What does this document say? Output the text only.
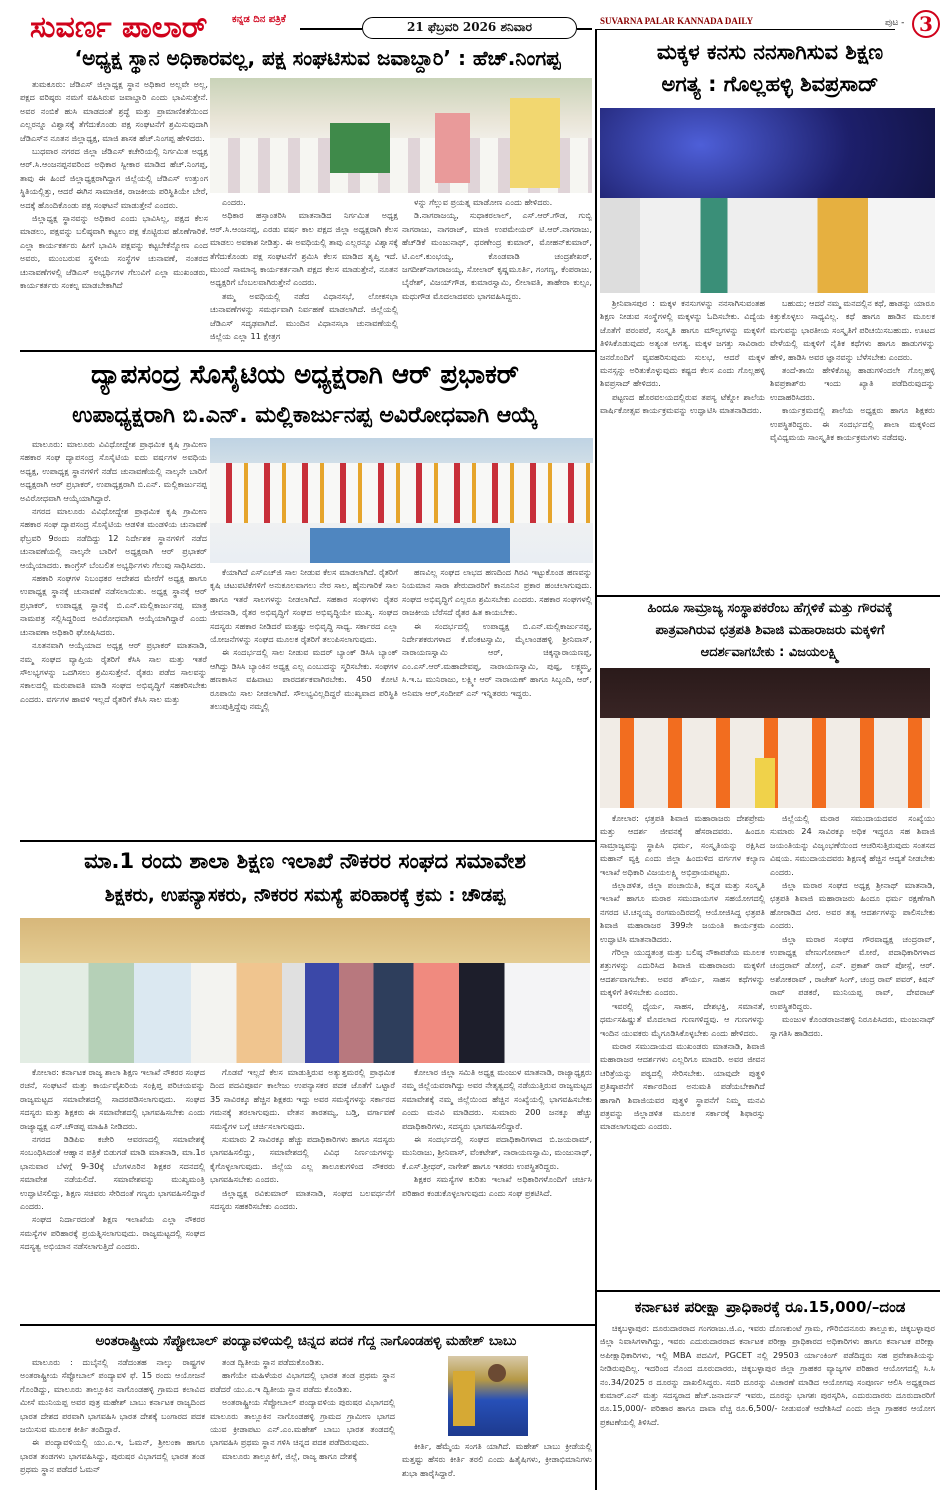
ಸುವರ್ಣ ಪಾಲಾರ್	ಕನ್ನಡ ದಿನ ಪತ್ರಿಕೆ
21 ಫೆಬ್ರವರಿ 2026 ಶನಿವಾರ	SUVARNA PALAR KANNADA DAILY	ಪುಟ - 3
‘ಅಧ್ಯಕ್ಷ ಸ್ಥಾನ ಅಧಿಕಾರವಲ್ಲ, ಪಕ್ಷ ಸಂಘಟಿಸುವ ಜವಾಬ್ದಾರಿ’ : ಹೆಚ್.ನಿಂಗಪ್ಪ

ತುಮಕೂರು: ಜೆಡಿಎಸ್ ಜಿಲ್ಲಾಧ್ಯಕ್ಷ ಸ್ಥಾನ ಅಧಿಕಾರ ಅಲ್ಲವೇ ಅಲ್ಲ, ಪಕ್ಷದ ವರಿಷ್ಠರು ನಮಗೆ ವಹಿಸಿರುವ ಜವಾಬ್ದಾರಿ ಎಂದು ಭಾವಿಸುತ್ತೇನೆ. ಅವರ ನಂಬಿಕೆ ಹುಸಿ ಮಾಡದಂತೆ ಶ್ರದ್ಧೆ ಮತ್ತು ಪ್ರಾಮಾಣಿಕತೆಯಿಂದ ಎಲ್ಲರನ್ನೂ ವಿಶ್ವಾಸಕ್ಕೆ ತೆಗೆದುಕೊಂಡು ಪಕ್ಷ ಸಂಘಟನೆಗೆ ಶ್ರಮಿಸುವುದಾಗಿ ಜೆಡಿಎಸ್‌ನ ನೂತನ ಜಿಲ್ಲಾಧ್ಯಕ್ಷ, ಮಾಜಿ ಶಾಸಕ ಹೆಚ್.ನಿಂಗಪ್ಪ ಹೇಳಿದರು.

ಬುಧವಾರ ನಗರದ ಜಿಲ್ಲಾ ಜೆಡಿಎಸ್ ಕಚೇರಿಯಲ್ಲಿ ನಿರ್ಗಮಿತ ಅಧ್ಯಕ್ಷ ಆರ್.ಸಿ.ಆಂಜನಪ್ಪನವರಿಂದ ಅಧಿಕಾರ ಸ್ವೀಕಾರ ಮಾಡಿದ ಹೆಚ್.ನಿಂಗಪ್ಪ, ತಾವು ಈ ಹಿಂದೆ ಜಿಲ್ಲಾಧ್ಯಕ್ಷರಾಗಿದ್ದಾಗ ಜಿಲ್ಲೆಯಲ್ಲಿ ಜೆಡಿಎಸ್ ಉತ್ತುಂಗ ಸ್ಥಿತಿಯಲ್ಲಿತ್ತು, ಆದರೆ ಈಗಿನ ಸಾಮಾಜಿಕ, ರಾಜಕೀಯ ಪರಿಸ್ಥಿತಿಯೇ ಬೇರೆ, ಅದಕ್ಕೆ ಹೊಂದಿಕೊಂಡು ಪಕ್ಷ ಸಂಘಟನೆ ಮಾಡುತ್ತೇನೆ ಎಂದರು.

ಜಿಲ್ಲಾಧ್ಯಕ್ಷ ಸ್ಥಾನವನ್ನು ಅಧಿಕಾರ ಎಂದು ಭಾವಿಸಿಲ್ಲ, ಪಕ್ಷದ ಕೆಲಸ ಮಾಡಲು, ಪಕ್ಷವನ್ನು ಬಲಿಷ್ಠವಾಗಿ ಕಟ್ಟಲು ಪಕ್ಷ ಕೊಟ್ಟಿರುವ ಹೊಣೆಗಾರಿಕೆ. ಎಲ್ಲಾ ಕಾರ್ಯಕರ್ತರು ಹೀಗೆ ಭಾವಿಸಿ ಪಕ್ಷವನ್ನು ಕಟ್ಟಬೇಕೆನ್ನೋಣ ಎಂದ ಅವರು, ಮುಂಬರುವ ಸ್ಥಳೀಯ ಸಂಸ್ಥೆಗಳ ಚುನಾವಣೆ, ನಂತರದ ಚುನಾವಣೆಗಳಲ್ಲಿ ಜೆಡಿಎಸ್ ಅಭ್ಯರ್ಥಿಗಳ ಗೆಲುವಿಗೆ ಎಲ್ಲಾ ಮುಖಂಡರು, ಕಾರ್ಯಕರ್ತರು ಸಂಕಲ್ಪ ಮಾಡಬೇಕಾಗಿದೆ

ಎಂದರು.

ಅಧಿಕಾರ ಹಸ್ತಾಂತರಿಸಿ ಮಾತನಾಡಿದ ನಿರ್ಗಮಿತ ಅಧ್ಯಕ್ಷ ಆರ್.ಸಿ.ಆಂಜನಪ್ಪ, ಎರಡು ವರ್ಷ ಕಾಲ ಪಕ್ಷದ ಜಿಲ್ಲಾ ಅಧ್ಯಕ್ಷರಾಗಿ ಕೆಲಸ ಮಾಡಲು ಅವಕಾಶ ನೀಡಿತ್ತು. ಈ ಅವಧಿಯಲ್ಲಿ ತಾವು ಎಲ್ಲರನ್ನೂ ವಿಶ್ವಾಸಕ್ಕೆ ತೆಗೆದುಕೊಂಡು ಪಕ್ಷ ಸಂಘಟನೆಗೆ ಶ್ರಮಿಸಿ ಕೆಲಸ ಮಾಡಿದ ತೃಪ್ತಿ ಇದೆ. ಮುಂದೆ ಸಾಮಾನ್ಯ ಕಾರ್ಯಕರ್ತನಾಗಿ ಪಕ್ಷದ ಕೆಲಸ ಮಾಡುತ್ತೇನೆ, ನೂತನ ಅಧ್ಯಕ್ಷರಿಗೆ ಬೆಂಬಲವಾಗಿರುತ್ತೇನೆ ಎಂದರು.

ತಮ್ಮ ಅವಧಿಯಲ್ಲಿ ನಡೆದ ವಿಧಾನಸಭೆ, ಲೋಕಸಭಾ ಚುನಾವಣೆಗಳನ್ನು ಸಮರ್ಥವಾಗಿ ನಿರ್ವಹಣೆ ಮಾಡಲಾಗಿದೆ. ಜಿಲ್ಲೆಯಲ್ಲಿ ಜೆಡಿಎಸ್ ಸದೃಢವಾಗಿದೆ. ಮುಂದಿನ ವಿಧಾನಸಭಾ ಚುನಾವಣೆಯಲ್ಲಿ ಜಿಲ್ಲೆಯ ಎಲ್ಲಾ 11 ಕ್ಷೇತ್ರಗ

ಳನ್ನು ಗೆಲ್ಲುವ ಪ್ರಯತ್ನ ಮಾಡೋಣ ಎಂದು ಹೇಳಿದರು.

ಡಿ.ನಾಗರಾಜಯ್ಯ, ಸುಧಾಕರಲಾಲ್, ಎಸ್.ಆರ್.ಗೌಡ, ಗುಬ್ಬಿ ನಾಗರಾಜು, ನಾಗರಾಜ್, ಮಾಜಿ ಉಪಮೇಯರ್ ಟಿ.ಆರ್.ನಾಗರಾಜು, ಹೆಚ್‌ಡಿಕೆ ಮಂಜುನಾಥ್, ಧರಣೇಂದ್ರ ಕುಮಾರ್, ಮೋಹನ್‌ಕುಮಾರ್, ಟಿ.ಎಲ್.ಕುಂಭಯ್ಯ, ಕೊಂಡವಾಡಿ ಚಂದ್ರಶೇಖರ್, ಜಗದೀಶ್‌ನಾಗರಾಜಯ್ಯ, ಸೋಲಾರ್ ಕೃಷ್ಣಮೂರ್ತಿ, ಗಂಗಣ್ಣ, ಕೆಂಪರಾಜು, ಬೈರೇಶ್, ವಿಜಯ್‌ಗೌಡ, ಕುಮಾರಸ್ವಾಮಿ, ಲೀಲಾವತಿ, ತಾಹೇರಾ ಕುಲ್ಸಂ, ಮಧುಗೌಡ ಮೊದಲಾದವರು ಭಾಗವಹಿಸಿದ್ದರು.

ಮಕ್ಕಳ ಕನಸು ನನಸಾಗಿಸುವ ಶಿಕ್ಷಣ
ಅಗತ್ಯ : ಗೊಲ್ಲಹಳ್ಳಿ ಶಿವಪ್ರಸಾದ್

ಶ್ರೀನಿವಾಸಪುರ : ಮಕ್ಕಳ ಕನಸುಗಳನ್ನು ನನಸಾಗಿಸುವಂತಹ ಶಿಕ್ಷಣ ನೀಡುವ ಸಂಸ್ಥೆಗಳಲ್ಲಿ ಮಕ್ಕಳನ್ನು ಓದಿಸಬೇಕು. ವಿದ್ಯೆಯ ಜೊತೆಗೆ ಪರಂಪರೆ, ಸಂಸ್ಕೃತಿ ಹಾಗೂ ಮೌಲ್ಯಗಳನ್ನು ಮಕ್ಕಳಿಗೆ ತಿಳಿಸಿಕೊಡುವುದು ಅತ್ಯಂತ ಅಗತ್ಯ. ಮಕ್ಕಳ ಜಗತ್ತು ಸಾವಿರಾರು ಜನರೊಂದಿಗೆ ವ್ಯವಹರಿಸುವುದು ಸುಲಭ, ಆದರೆ ಮಕ್ಕಳ ಮನಸ್ಸನ್ನು ಅರಿತುಕೊಳ್ಳುವುದು ಕಷ್ಟದ ಕೆಲಸ ಎಂದು ಗೊಲ್ಲಹಳ್ಳಿ ಶಿವಪ್ರಸಾದ್ ಹೇಳಿದರು.

ಪಟ್ಟಣದ ಹೊರವಲಯದಲ್ಲಿರುವ ತಪಸ್ಯ ಟೆಕ್ನೋ ಶಾಲೆಯ ವಾರ್ಷಿಕೋತ್ಸವ ಕಾರ್ಯಕ್ರಮವನ್ನು ಉದ್ಘಾಟಿಸಿ ಮಾತನಾಡಿದರು.

ಬಹುದು; ಆದರೆ ನಮ್ಮ ಮನದಲ್ಲಿನ ಕಥೆ, ಹಾಡನ್ನು ಯಾರೂ ಕಿತ್ತುಕೊಳ್ಳಲು ಸಾಧ್ಯವಿಲ್ಲ. ಕಥೆ ಹಾಗೂ ಹಾಡಿನ ಮೂಲಕ ಮಗುವನ್ನು ಭಾರತೀಯ ಸಂಸ್ಕೃತಿಗೆ ಪರಿಚಯಿಸಬಹುದು. ಊಟದ ವೇಳೆಯಲ್ಲಿ ಮಕ್ಕಳಿಗೆ ನೈತಿಕ ಕಥೆಗಳು ಹಾಗೂ ಹಾಡುಗಳನ್ನು ಹೇಳಿ, ಹಾಡಿಸಿ ಅವರ ಜ್ಞಾನವನ್ನು ಬೆಳೆಸಬೇಕು ಎಂದರು.

ತಂದೆ-ತಾಯಿ ಹೇಳಿಕೊಟ್ಟ ಹಾಡುಗಳಿಂದಲೇ ಗೊಲ್ಲಹಳ್ಳಿ ಶಿವಪ್ರಕಾಶ್‌ರು ಇಂದು ಖ್ಯಾತಿ ಪಡೆದಿರುವುದನ್ನು ಉದಾಹರಿಸಿದರು.

ಕಾರ್ಯಕ್ರಮದಲ್ಲಿ ಶಾಲೆಯ ಅಧ್ಯಕ್ಷರು ಹಾಗೂ ಶಿಕ್ಷಕರು ಉಪಸ್ಥಿತರಿದ್ದರು. ಈ ಸಂದರ್ಭದಲ್ಲಿ ಶಾಲಾ ಮಕ್ಕಳಿಂದ ವೈವಿಧ್ಯಮಯ ಸಾಂಸ್ಕೃತಿಕ ಕಾರ್ಯಕ್ರಮಗಳು ನಡೆದವು.

ದ್ಯಾಪಸಂದ್ರ ಸೊಸೈಟಿಯ ಅಧ್ಯಕ್ಷರಾಗಿ ಆರ್ ಪ್ರಭಾಕರ್
ಉಪಾಧ್ಯಕ್ಷರಾಗಿ ಬಿ.ಎನ್. ಮಲ್ಲಿಕಾರ್ಜುನಪ್ಪ ಅವಿರೋಧವಾಗಿ ಆಯ್ಕೆ

ಮಾಲೂರು: ಮಾಲೂರು ವಿವಿಧೋದ್ದೇಶ ಪ್ರಾಥಮಿಕ ಕೃಷಿ ಗ್ರಾಮೀಣ ಸಹಕಾರ ಸಂಘ ದ್ಯಾಪಸಂದ್ರ ಸೊಸೈಟಿಯ ಐದು ವರ್ಷಗಳ ಅವಧಿಯ ಅಧ್ಯಕ್ಷ, ಉಪಾಧ್ಯಕ್ಷ ಸ್ಥಾನಗಳಿಗೆ ನಡೆದ ಚುನಾವಣೆಯಲ್ಲಿ ನಾಲ್ಕನೇ ಬಾರಿಗೆ ಅಧ್ಯಕ್ಷರಾಗಿ ಆರ್ ಪ್ರಭಾಕರ್, ಉಪಾಧ್ಯಕ್ಷರಾಗಿ ಬಿ.ಎನ್. ಮಲ್ಲಿಕಾರ್ಜುನಪ್ಪ ಅವಿರೋಧವಾಗಿ ಆಯ್ಕೆಯಾಗಿದ್ದಾರೆ.

ನಗರದ ಮಾಲೂರು ವಿವಿಧೋದ್ದೇಶ ಪ್ರಾಥಮಿಕ ಕೃಷಿ ಗ್ರಾಮೀಣ ಸಹಕಾರ ಸಂಘ ದ್ಯಾಪಸಂದ್ರ ಸೊಸೈಟಿಯ ಆಡಳಿತ ಮಂಡಳಿಯ ಚುನಾವಣೆ ಫೆಬ್ರವರಿ 9ರಂದು ನಡೆದಿದ್ದು 12 ನಿರ್ದೇಶಕ ಸ್ಥಾನಗಳಿಗೆ ನಡೆದ ಚುನಾವಣೆಯಲ್ಲಿ ನಾಲ್ಕನೇ ಬಾರಿಗೆ ಅಧ್ಯಕ್ಷರಾಗಿ ಆರ್ ಪ್ರಭಾಕರ್ ಆಯ್ಕೆಯಾದರು. ಕಾಂಗ್ರೆಸ್ ಬೆಂಬಲಿತ ಅಭ್ಯರ್ಥಿಗಳು ಗೆಲುವು ಸಾಧಿಸಿದರು.

ಸಹಕಾರಿ ಸಂಘಗಳ ನಿಬಂಧಕರ ಆದೇಶದ ಮೇರೆಗೆ ಅಧ್ಯಕ್ಷ ಹಾಗೂ ಉಪಾಧ್ಯಕ್ಷ ಸ್ಥಾನಕ್ಕೆ ಚುನಾವಣೆ ನಡೆಸಲಾಯಿತು. ಅಧ್ಯಕ್ಷ ಸ್ಥಾನಕ್ಕೆ ಆರ್ ಪ್ರಭಾಕರ್, ಉಪಾಧ್ಯಕ್ಷ ಸ್ಥಾನಕ್ಕೆ ಬಿ.ಎನ್.ಮಲ್ಲಿಕಾರ್ಜುನಪ್ಪ ಮಾತ್ರ ನಾಮಪತ್ರ ಸಲ್ಲಿಸಿದ್ದರಿಂದ ಅವಿರೋಧವಾಗಿ ಆಯ್ಕೆಯಾಗಿದ್ದಾರೆ ಎಂದು ಚುನಾವಣಾ ಅಧಿಕಾರಿ ಘೋಷಿಸಿದರು.

ನೂತನವಾಗಿ ಆಯ್ಕೆಯಾದ ಅಧ್ಯಕ್ಷ ಆರ್ ಪ್ರಭಾಕರ್ ಮಾತನಾಡಿ, ನಮ್ಮ ಸಂಘದ ವ್ಯಾಪ್ತಿಯ ರೈತರಿಗೆ ಕೆಸಿಸಿ ಸಾಲ ಮತ್ತು ಇತರೆ ಸೌಲಭ್ಯಗಳನ್ನು ಒದಗಿಸಲು ಶ್ರಮಿಸುತ್ತೇನೆ. ರೈತರು ಪಡೆದ ಸಾಲವನ್ನು ಸಕಾಲದಲ್ಲಿ ಮರುಪಾವತಿ ಮಾಡಿ ಸಂಘದ ಅಭಿವೃದ್ಧಿಗೆ ಸಹಕರಿಸಬೇಕು ಎಂದರು. ವರ್ಗಗಳ ಹಾವಳಿ ಇಲ್ಲದೆ ರೈತರಿಗೆ ಕೆಸಿಸಿ ಸಾಲ ಮತ್ತು

ಕೆಯಾಗಿದೆ ಎಸ್‌ಎಚ್‌ಜಿ ಸಾಲ ನೀಡುವ ಕೆಲಸ ಮಾಡಲಾಗಿದೆ. ರೈತರಿಗೆ ಕೃಷಿ ಚಟುವಟಿಕೆಗಳಿಗೆ ಅನುಕೂಲವಾಗಲು ನೇರ ಸಾಲ, ಹೈನುಗಾರಿಕೆ ಸಾಲ ಹಾಗೂ ಇತರೆ ಸಾಲಗಳನ್ನು ನೀಡಲಾಗಿದೆ. ಸಹಕಾರ ಸಂಘಗಳು ರೈತರ ಜೀವನಾಡಿ, ರೈತರ ಅಭಿವೃದ್ಧಿಗೆ ಸಂಘದ ಅಭಿವೃದ್ಧಿಯೇ ಮುಖ್ಯ. ಸಂಘದ ಸದಸ್ಯರು ಸಹಕಾರ ನೀಡಿದರೆ ಮತ್ತಷ್ಟು ಅಭಿವೃದ್ಧಿ ಸಾಧ್ಯ. ಸರ್ಕಾರದ ಎಲ್ಲಾ ಯೋಜನೆಗಳನ್ನು ಸಂಘದ ಮೂಲಕ ರೈತರಿಗೆ ತಲುಪಿಸಲಾಗುವುದು.

ಈ ಸಂದರ್ಭದಲ್ಲಿ ಸಾಲ ನೀಡುವ ಮದರ್ ಬ್ಯಾಂಕ್ ಡಿಸಿಸಿ ಬ್ಯಾಂಕ್ ಆಗಿದ್ದು ಡಿಸಿಸಿ ಬ್ಯಾಂಕಿನ ಅಧ್ಯಕ್ಷ ಎಲ್ಲ ಎಂಬುದನ್ನು ಸ್ಮರಿಸಬೇಕು. ಸಂಘಗಳ ಹಣಕಾಸಿನ ವಹಿವಾಟು ಪಾರದರ್ಶಕವಾಗಿರಬೇಕು. 450 ಕೋಟಿ ರೂಪಾಯಿ ಸಾಲ ನೀಡಲಾಗಿದೆ. ಸೌಲಭ್ಯವಿಲ್ಲದಿದ್ದರೆ ಮುಖ್ಯವಾದ ಪರಿಸ್ಥಿತಿ ತಲುಪುತ್ತಿದ್ದೆವು ನಮ್ಮಲ್ಲಿ

ಹಣವಿಲ್ಲ ಸಂಘದ ಲಾಭದ ಹಣದಿಂದ ಗಿರವಿ ಇಟ್ಟುಕೊಂಡ ಹಣವನ್ನು ನಿಯಮಾನ ಸಾರಾ ಶೇರುದಾರರಿಗೆ ಕಾನೂನಿನ ಪ್ರಕಾರ ಹಂಚಲಾಗುವುದು. ಸಂಘದ ಅಭಿವೃದ್ಧಿಗೆ ಎಲ್ಲರೂ ಶ್ರಮಿಸಬೇಕು ಎಂದರು. ಸಹಕಾರ ಸಂಘಗಳಲ್ಲಿ ರಾಜಕೀಯ ಬೆರೆಸದೆ ರೈತರ ಹಿತ ಕಾಯಬೇಕು.

ಈ ಸಂದರ್ಭದಲ್ಲಿ ಉಪಾಧ್ಯಕ್ಷ ಬಿ.ಎನ್.ಮಲ್ಲಿಕಾರ್ಜುನಪ್ಪ, ನಿರ್ದೇಶಕರುಗಳಾದ ಕೆ.ವೆಂಕಟಸ್ವಾಮಿ, ಮೈಲಾಂಡಹಳ್ಳಿ ಶ್ರೀನಿವಾಸ್, ನಾರಾಯಣಸ್ವಾಮಿ ಆರ್, ಚಿಕ್ಕನ್ನಾರಾಯಣಪ್ಪ, ಎಂ.ಎಸ್.ಆರ್.ಮಹಾದೇವಪ್ಪ, ನಾರಾಯಣಸ್ವಾಮಿ, ಪುಷ್ಪ, ಲಕ್ಷ್ಮಮ್ಮ, ಸಿ.ಇ.ಒ ಮುನಿರಾಜು, ಲಕ್ಷ್ಮೀ ಆರ್ ನಾರಾಯಣ್ ಹಾಗೂ ಸಿಬ್ಬಂದಿ, ಆರ್, ಅನಿಮಾ ಆರ್,ಸಂದೀಪ್ ಎನ್ ಇನ್ನಿತರರು ಇದ್ದರು.

ಹಿಂದೂ ಸಾಮ್ರಾಜ್ಯ ಸಂಸ್ಥಾಪಕರೆಂಬ ಹೆಗ್ಗಳಿಕೆ ಮತ್ತು ಗೌರವಕ್ಕೆ
ಪಾತ್ರವಾಗಿರುವ ಛತ್ರಪತಿ ಶಿವಾಜಿ ಮಹಾರಾಜರು ಮಕ್ಕಳಿಗೆ
ಆದರ್ಶವಾಗಬೇಕು : ವಿಜಯಲಕ್ಷ್ಮಿ

ಕೋಲಾರ: ಛತ್ರಪತಿ ಶಿವಾಜಿ ಮಹಾರಾಜರು ದೇಶಪ್ರೇಮ ಮತ್ತು ಆದರ್ಶ ಜೀವನಕ್ಕೆ ಹೆಸರಾದವರು. ಹಿಂದೂ ಸಾಮ್ರಾಜ್ಯವನ್ನು ಸ್ಥಾಪಿಸಿ ಧರ್ಮ, ಸಂಸ್ಕೃತಿಯನ್ನು ರಕ್ಷಿಸಿದ ಮಹಾನ್ ವ್ಯಕ್ತಿ ಎಂದು ಜಿಲ್ಲಾ ಹಿಂದುಳಿದ ವರ್ಗಗಳ ಕಲ್ಯಾಣ ಇಲಾಖೆ ಅಧಿಕಾರಿ ವಿಜಯಲಕ್ಷ್ಮಿ ಅಭಿಪ್ರಾಯಪಟ್ಟರು.

ಜಿಲ್ಲಾಡಳಿತ, ಜಿಲ್ಲಾ ಪಂಚಾಯಿತಿ, ಕನ್ನಡ ಮತ್ತು ಸಂಸ್ಕೃತಿ ಇಲಾಖೆ ಹಾಗೂ ಮರಾಠ ಸಮುದಾಯಗಳ ಸಹಯೋಗದಲ್ಲಿ ನಗರದ ಟಿ.ಚನ್ನಯ್ಯ ರಂಗಮಂದಿರದಲ್ಲಿ ಆಯೋಜಿಸಿದ್ದ ಛತ್ರಪತಿ ಶಿವಾಜಿ ಮಹಾರಾಜರ 399ನೇ ಜಯಂತಿ ಕಾರ್ಯಕ್ರಮ ಉದ್ಘಾಟಿಸಿ ಮಾತನಾಡಿದರು.

ಗೆರಿಲ್ಲಾ ಯುದ್ಧತಂತ್ರ ಮತ್ತು ಬಲಿಷ್ಠ ನೌಕಾಪಡೆಯ ಮೂಲಕ ಶತ್ರುಗಳನ್ನು ಎದುರಿಸಿದ ಶಿವಾಜಿ ಮಹಾರಾಜರು ಮಕ್ಕಳಿಗೆ ಆದರ್ಶವಾಗಬೇಕು. ಅವರ ಶೌರ್ಯ, ಸಾಹಸ ಕಥೆಗಳನ್ನು ಮಕ್ಕಳಿಗೆ ತಿಳಿಸಬೇಕು ಎಂದರು.

ಇವರಲ್ಲಿ ಧೈರ್ಯ, ಸಾಹಸ, ದೇಶಭಕ್ತಿ, ಸಮಾನತೆ, ಧರ್ಮಸಹಿಷ್ಣುತೆ ಮೊದಲಾದ ಗುಣಗಳಿದ್ದವು. ಆ ಗುಣಗಳನ್ನು ಇಂದಿನ ಯುವಕರು ಮೈಗೂಡಿಸಿಕೊಳ್ಳಬೇಕು ಎಂದು ಹೇಳಿದರು.

ಮರಾಠ ಸಮುದಾಯದ ಮುಖಂಡರು ಮಾತನಾಡಿ, ಶಿವಾಜಿ ಮಹಾರಾಜರ ಆದರ್ಶಗಳು ಎಲ್ಲರಿಗೂ ಮಾದರಿ. ಅವರ ಜೀವನ ಚರಿತ್ರೆಯನ್ನು ಪಠ್ಯದಲ್ಲಿ ಸೇರಿಸಬೇಕು. ಯಾವುದೇ ಪುತ್ಥಳಿ ಪ್ರತಿಷ್ಠಾಪನೆಗೆ ಸರ್ಕಾರದಿಂದ ಅನುಮತಿ ಪಡೆಯಬೇಕಾಗಿದೆ ಹಾಗಾಗಿ ಶಿವಾಜಿಯವರ ಪುತ್ಥಳಿ ಸ್ಥಾಪನೆಗೆ ನಿಮ್ಮ ಮನವಿ ಪತ್ರವನ್ನು ಜಿಲ್ಲಾಡಳಿತ ಮೂಲಕ ಸರ್ಕಾರಕ್ಕೆ ಶಿಫಾರಸ್ಸು ಮಾಡಲಾಗುವುದು ಎಂದರು.

ಜಿಲ್ಲೆಯಲ್ಲಿ ಮರಾಠ ಸಮುದಾಯದವರ ಸಂಖ್ಯೆಯು ಸುಮಾರು 24 ಸಾವಿರಕ್ಕೂ ಅಧಿಕ ಇದ್ದರೂ ಸಹ ಶಿವಾಜಿ ಜಯಂತಿಯನ್ನು ವಿಜೃಂಭಣೆಯಿಂದ ಆಚರಿಸುತ್ತಿರುವುದು ಸಂತಸದ ವಿಷಯ. ಸಮುದಾಯದವರು ಶಿಕ್ಷಣಕ್ಕೆ ಹೆಚ್ಚಿನ ಆದ್ಯತೆ ನೀಡಬೇಕು ಎಂದರು.

ಜಿಲ್ಲಾ ಮರಾಠ ಸಂಘದ ಅಧ್ಯಕ್ಷ ಶ್ರೀನಾಥ್ ಮಾತನಾಡಿ, ಛತ್ರಪತಿ ಶಿವಾಜಿ ಮಹಾರಾಜರು ಹಿಂದೂ ಧರ್ಮ ರಕ್ಷಣೆಗಾಗಿ ಹೋರಾಡಿದ ವೀರ. ಅವರ ತತ್ವ ಆದರ್ಶಗಳನ್ನು ಪಾಲಿಸಬೇಕು ಎಂದರು.

ಜಿಲ್ಲಾ ಮರಾಠ ಸಂಘದ ಗೌರವಾಧ್ಯಕ್ಷ ಚಂದ್ರರಾವ್, ಉಪಾಧ್ಯಕ್ಷ ವೇಣುಗೋಪಾಲ್ ಮೋರೆ, ಪದಾಧಿಕಾರಿಗಳಾದ ಚಂದ್ರರಾವ್ ಡೋಗ್ರೆ, ಎನ್. ಪ್ರಕಾಶ್ ರಾವ್ ಪೋಸ್ಲೆ, ಆರ್. ಅಶೋಕರಾವ್ , ರಾಜೇಶ್ ಸಿಂಗ್, ಚಂದ್ರ ರಾವ್ ಪವರ್, ಕಿಷನ್ ರಾವ್ ಪಡಕರೆ, ಮುನಿಯಪ್ಪ ರಾವ್, ದೇವರಾಜ್ ಉಪಸ್ಥಿತರಿದ್ದರು.

ಮಂಜುಳ ಕೊಂಡರಾಜನಹಳ್ಳಿ ನಿರೂಪಿಸಿದರು, ಮಂಜುನಾಥ್ ಸ್ವಾಗತಿಸಿ ಹಾಡಿದರು.

ಮಾ.1 ರಂದು ಶಾಲಾ ಶಿಕ್ಷಣ ಇಲಾಖೆ ನೌಕರರ ಸಂಘದ ಸಮಾವೇಶ
ಶಿಕ್ಷಕರು, ಉಪನ್ಯಾಸಕರು, ನೌಕರರ ಸಮಸ್ಯೆ ಪರಿಹಾರಕ್ಕೆ ಕ್ರಮ : ಚೌಡಪ್ಪ

ಕೋಲಾರ: ಕರ್ನಾಟಕ ರಾಜ್ಯ ಶಾಲಾ ಶಿಕ್ಷಣ ಇಲಾಖೆ ನೌಕರರ ಸಂಘದ ರಚನೆ, ಸಂಘಟನೆ ಮತ್ತು ಕಾರ್ಯವೈಖರಿಯ ಸಂಕ್ಷಿಪ್ತ ಪರಿಚಯವನ್ನು ರಾಜ್ಯಮಟ್ಟದ ಸಮಾವೇಶದಲ್ಲಿ ಸಾದರಪಡಿಸಲಾಗುವುದು. ಸಂಘದ ಸದಸ್ಯರು ಮತ್ತು ಶಿಕ್ಷಕರು ಈ ಸಮಾವೇಶದಲ್ಲಿ ಭಾಗವಹಿಸಬೇಕು ಎಂದು ರಾಜ್ಯಾಧ್ಯಕ್ಷ ಎಸ್.ಚೌಡಪ್ಪ ಮಾಹಿತಿ ನೀಡಿದರು.

ನಗರದ ಡಿಡಿಪಿಐ ಕಚೇರಿ ಆವರಣದಲ್ಲಿ ಸಮಾವೇಶಕ್ಕೆ ಸಂಬಂಧಿಸಿದಂತೆ ಆಹ್ವಾನ ಪತ್ರಿಕೆ ಬಿಡುಗಡೆ ಮಾಡಿ ಮಾತನಾಡಿ, ಮಾ.1ರ ಭಾನುವಾರ ಬೆಳಗ್ಗೆ 9-30ಕ್ಕೆ ಬೆಂಗಳೂರಿನ ಶಿಕ್ಷಕರ ಸದನದಲ್ಲಿ ಸಮಾವೇಶ ನಡೆಯಲಿದೆ. ಸಮಾವೇಶವನ್ನು ಮುಖ್ಯಮಂತ್ರಿ ಉದ್ಘಾಟಿಸಲಿದ್ದು, ಶಿಕ್ಷಣ ಸಚಿವರು ಸೇರಿದಂತೆ ಗಣ್ಯರು ಭಾಗವಹಿಸಲಿದ್ದಾರೆ ಎಂದರು.

ಸಂಘದ ನಿರ್ದಾರದಂತೆ ಶಿಕ್ಷಣ ಇಲಾಖೆಯ ಎಲ್ಲಾ ನೌಕರರ ಸಮಸ್ಯೆಗಳ ಪರಿಹಾರಕ್ಕೆ ಪ್ರಯತ್ನಿಸಲಾಗುವುದು. ರಾಜ್ಯಮಟ್ಟದಲ್ಲಿ ಸಂಘದ ಸದಸ್ಯತ್ವ ಅಭಿಯಾನ ನಡೆಸಲಾಗುತ್ತಿದೆ ಎಂದರು.

ಗೊಡವೆ ಇಲ್ಲದೆ ಕೆಲಸ ಮಾಡುತ್ತಿರುವ ಅತ್ಯುತ್ತಮರಲ್ಲಿ ಪ್ರಾಥಮಿಕ ದಿಂದ ಪದವಿಪೂರ್ವ ಕಾಲೇಜು ಉಪನ್ಯಾಸಕರ ಪದಕ ಜೊತೆಗೆ ಒಟ್ಟಾರೆ 35 ಸಾವಿರಕ್ಕೂ ಹೆಚ್ಚಿನ ಶಿಕ್ಷಕರು ಇದ್ದು ಅವರ ಸಮಸ್ಯೆಗಳನ್ನು ಸರ್ಕಾರದ ಗಮನಕ್ಕೆ ತರಲಾಗುವುದು. ವೇತನ ತಾರತಮ್ಯ, ಬಡ್ತಿ, ವರ್ಗಾವಣೆ ಸಮಸ್ಯೆಗಳ ಬಗ್ಗೆ ಚರ್ಚಿಸಲಾಗುವುದು.

ಸುಮಾರು 2 ಸಾವಿರಕ್ಕೂ ಹೆಚ್ಚು ಪದಾಧಿಕಾರಿಗಳು ಹಾಗೂ ಸದಸ್ಯರು ಭಾಗವಹಿಸಲಿದ್ದು, ಸಮಾವೇಶದಲ್ಲಿ ವಿವಿಧ ನಿರ್ಣಯಗಳನ್ನು ಕೈಗೊಳ್ಳಲಾಗುವುದು. ಜಿಲ್ಲೆಯ ಎಲ್ಲ ತಾಲೂಕುಗಳಿಂದ ನೌಕರರು ಭಾಗವಹಿಸಬೇಕು ಎಂದರು.

ಜಿಲ್ಲಾಧ್ಯಕ್ಷ ರವಿಕುಮಾರ್ ಮಾತನಾಡಿ, ಸಂಘದ ಬಲವರ್ಧನೆಗೆ ಸದಸ್ಯರು ಸಹಕರಿಸಬೇಕು ಎಂದರು.

ಕೋಲಾರ ಜಿಲ್ಲಾ ಸಮಿತಿ ಅಧ್ಯಕ್ಷ ಮಂಜುಳ ಮಾತನಾಡಿ, ರಾಜ್ಯಾಧ್ಯಕ್ಷರು ನಮ್ಮ ಜಿಲ್ಲೆಯವರಾಗಿದ್ದು ಅವರ ನೇತೃತ್ವದಲ್ಲಿ ನಡೆಯುತ್ತಿರುವ ರಾಜ್ಯಮಟ್ಟದ ಸಮಾವೇಶಕ್ಕೆ ನಮ್ಮ ಜಿಲ್ಲೆಯಿಂದ ಹೆಚ್ಚಿನ ಸಂಖ್ಯೆಯಲ್ಲಿ ಭಾಗವಹಿಸಬೇಕು ಎಂದು ಮನವಿ ಮಾಡಿದರು. ಸುಮಾರು 200 ಜನಕ್ಕೂ ಹೆಚ್ಚು ಪದಾಧಿಕಾರಿಗಳು, ಸದಸ್ಯರು ಭಾಗವಹಿಸಲಿದ್ದಾರೆ.

ಈ ಸಂದರ್ಭದಲ್ಲಿ ಸಂಘದ ಪದಾಧಿಕಾರಿಗಳಾದ ಬಿ.ಜಯರಾಮ್, ಮುನಿರಾಜು, ಶ್ರೀನಿವಾಸ್, ವೆಂಕಟೇಶ್, ನಾರಾಯಣಸ್ವಾಮಿ, ಮಂಜುನಾಥ್, ಕೆ.ಎಸ್.ಶ್ರೀಧರ್, ನಾಗೇಶ್ ಹಾಗೂ ಇತರರು ಉಪಸ್ಥಿತರಿದ್ದರು.

ಶಿಕ್ಷಕರ ಸಮಸ್ಯೆಗಳ ಕುರಿತು ಇಲಾಖೆ ಅಧಿಕಾರಿಗಳೊಂದಿಗೆ ಚರ್ಚಿಸಿ ಪರಿಹಾರ ಕಂಡುಕೊಳ್ಳಲಾಗುವುದು ಎಂದು ಸಂಘ ಪ್ರಕಟಿಸಿದೆ.

ಕರ್ನಾಟಕ ಪರೀಕ್ಷಾ ಪ್ರಾಧಿಕಾರಕ್ಕೆ ರೂ.15,000/–ದಂಡ

ಚಿಕ್ಕಬಳ್ಳಾಪುರ: ದೂರುದಾರರಾದ ಗಂಗರಾಜು.ಜಿ.ಎ, ಇವರು ದೊಣಕುಂಟೆ ಗ್ರಾಮ, ಗೌರಿಬಿದನೂರು ತಾಲ್ಲೂಕು, ಚಿಕ್ಕಬಳ್ಳಾಪುರ ಜಿಲ್ಲಾ ನಿವಾಸಿಗಳಾಗಿದ್ದು, ಇವರು ಎದುರುದಾರರಾದ ಕರ್ನಾಟಕ ಪರೀಕ್ಷಾ ಪ್ರಾಧಿಕಾರದ ಅಧಿಕಾರಿಗಳು ಹಾಗೂ ಕರ್ನಾಟಕ ಪರೀಕ್ಷಾ ಅಪೀಕ್ಷಾಧಿಕಾರಿಗಳು, ಇಲ್ಲಿ MBA ಪದವಿಗೆ, PGCET ನಲ್ಲಿ 29503 ರ್ಯಾಂಕಿಂಗ್ ಪಡೆದಿದ್ದರು ಸಹ ಪ್ರವೇಶಾತಿಯನ್ನು ನೀಡಿರುವುದಿಲ್ಲ. ಇದರಿಂದ ನೊಂದ ದೂರುದಾರರು, ಚಿಕ್ಕಬಳ್ಳಾಪುರ ಜಿಲ್ಲಾ ಗ್ರಾಹಕರ ವ್ಯಾಜ್ಯಗಳ ಪರಿಹಾರ ಆಯೋಗದಲ್ಲಿ ಸಿ.ಸಿ ನಂ.34/2025 ರ ದೂರನ್ನು ದಾಖಲಿಸಿದ್ದರು. ಸದರಿ ದೂರನ್ನು ವಿಚಾರಣೆ ಮಾಡಿದ ಆಯೋಗವು ಸಂಪೂರ್ಣ ಆಲಿಸಿ ಅಧ್ಯಕ್ಷರಾದ ಕುಮಾರ್.ಎನ್ ಮತ್ತು ಸದಸ್ಯರಾದ ಹೆಚ್.ಜನಾರ್ದನ್ ಇವರು, ದೂರನ್ನು ಭಾಗಶಃ ಪುರಸ್ಕರಿಸಿ, ಎದುರುದಾರರು ದೂರುದಾರರಿಗೆ ರೂ.15,000/- ಪರಿಹಾರ ಹಾಗೂ ದಾವಾ ವೆಚ್ಚ ರೂ.6,500/- ನೀಡುವಂತೆ ಆದೇಶಿಸಿದೆ ಎಂದು ಜಿಲ್ಲಾ ಗ್ರಾಹಕರ ಆಯೋಗ ಪ್ರಕಟಣೆಯಲ್ಲಿ ತಿಳಿಸಿದೆ.

ಅಂತರಾಷ್ಟ್ರೀಯ ಸೆಪ್ಟೋಬಾಲ್ ಪಂದ್ಯಾವಳಿಯಲ್ಲಿ ಚಿನ್ನದ ಪದಕ ಗೆದ್ದ ನಾಗೊಂಡಹಳ್ಳಿ ಮಹೇಶ್ ಬಾಬು

ಮಾಲೂರು : ದುಬೈನಲ್ಲಿ ನಡೆದಂತಹ ನಾಲ್ಕು ರಾಷ್ಟ್ರಗಳ ಅಂತರಾಷ್ಟ್ರೀಯ ಸೆಪ್ಟೋಬಾಲ್ ಪಂದ್ಯಾವಳಿ ಫೆ. 15 ರಂದು ಆಯೋಜನೆ ಗೊಂಡಿದ್ದು, ಮಾಲೂರು ತಾಲ್ಲೂಕಿನ ನಾಗೊಂಡಹಳ್ಳಿ ಗ್ರಾಮದ ಕಲಾವಿದ ಮೀಸೆ ಮುನಿಯಪ್ಪ ಅವರ ಪುತ್ರ ಮಹೇಶ್ ಬಾಬು ಕರ್ನಾಟಕ ರಾಜ್ಯದಿಂದ ಭಾರತ ದೇಶದ ಪರವಾಗಿ ಭಾಗವಹಿಸಿ ಭಾರತ ದೇಶಕ್ಕೆ ಬಂಗಾರದ ಪದಕ ಜಯಿಸುವ ಮೂಲಕ ಕೀರ್ತಿ ತಂದಿದ್ದಾರೆ.

ಈ ಪಂದ್ಯಾವಳಿಯಲ್ಲಿ ಯು.ಎ.ಇ, ಓಮನ್, ಶ್ರೀಲಂಕಾ ಹಾಗೂ ಭಾರತ ತಂಡಗಳು ಭಾಗವಹಿಸಿದ್ದು, ಪುರುಷರ ವಿಭಾಗದಲ್ಲಿ ಭಾರತ ತಂಡ ಪ್ರಥಮ ಸ್ಥಾನ ಪಡೆದರೆ ಓಮನ್

ತಂಡ ದ್ವಿತೀಯ ಸ್ಥಾನ ಪಡೆದುಕೊಂಡಿತು.

ಹಾಗೆಯೇ ಮಹಿಳೆಯರ ವಿಭಾಗದಲ್ಲಿ ಭಾರತ ತಂಡ ಪ್ರಥಮ ಸ್ಥಾನ ಪಡೆದರೆ ಯು.ಎ.ಇ ದ್ವಿತೀಯ ಸ್ಥಾನ ಪಡೆದು ಕೊಂಡಿತು.

ಅಂತರಾಷ್ಟ್ರೀಯ ಸೆಪ್ಟೋಬಾಲ್ ಪಂದ್ಯಾವಳಿಯ ಪುರುಷರ ವಿಭಾಗದಲ್ಲಿ ಮಾಲೂರು ತಾಲ್ಲೂಕಿನ ನಾಗೊಂಡಹಳ್ಳಿ ಗ್ರಾಮದ ಗ್ರಾಮೀಣ ಭಾಗದ ಯುವ ಕ್ರೀಡಾಪಟು ಎನ್.ಎಂ.ಮಹೇಶ್ ಬಾಬು ಭಾರತ ತಂಡದಲ್ಲಿ ಭಾಗವಹಿಸಿ ಪ್ರಥಮ ಸ್ಥಾನ ಗಳಿಸಿ ಚಿನ್ನದ ಪದಕ ಪಡೆದಿರುವುದು.

ಮಾಲೂರು ತಾಲ್ಲೂಕಿಗೆ, ಜಿಲ್ಲೆ, ರಾಜ್ಯ ಹಾಗೂ ದೇಶಕ್ಕೆ

ಕೀರ್ತಿ, ಹೆಮ್ಮೆಯ ಸಂಗತಿ ಯಾಗಿದೆ. ಮಹೇಶ್ ಬಾಬು ಕ್ರೀಡೆಯಲ್ಲಿ ಮತ್ತಷ್ಟು ಹೆಸರು ಕೀರ್ತಿ ತರಲಿ ಎಂದು ಹಿತೈಷಿಗಳು, ಕ್ರೀಡಾಭಿಮಾನಿಗಳು ಶುಭಾ ಹಾರೈಸಿದ್ದಾರೆ.
